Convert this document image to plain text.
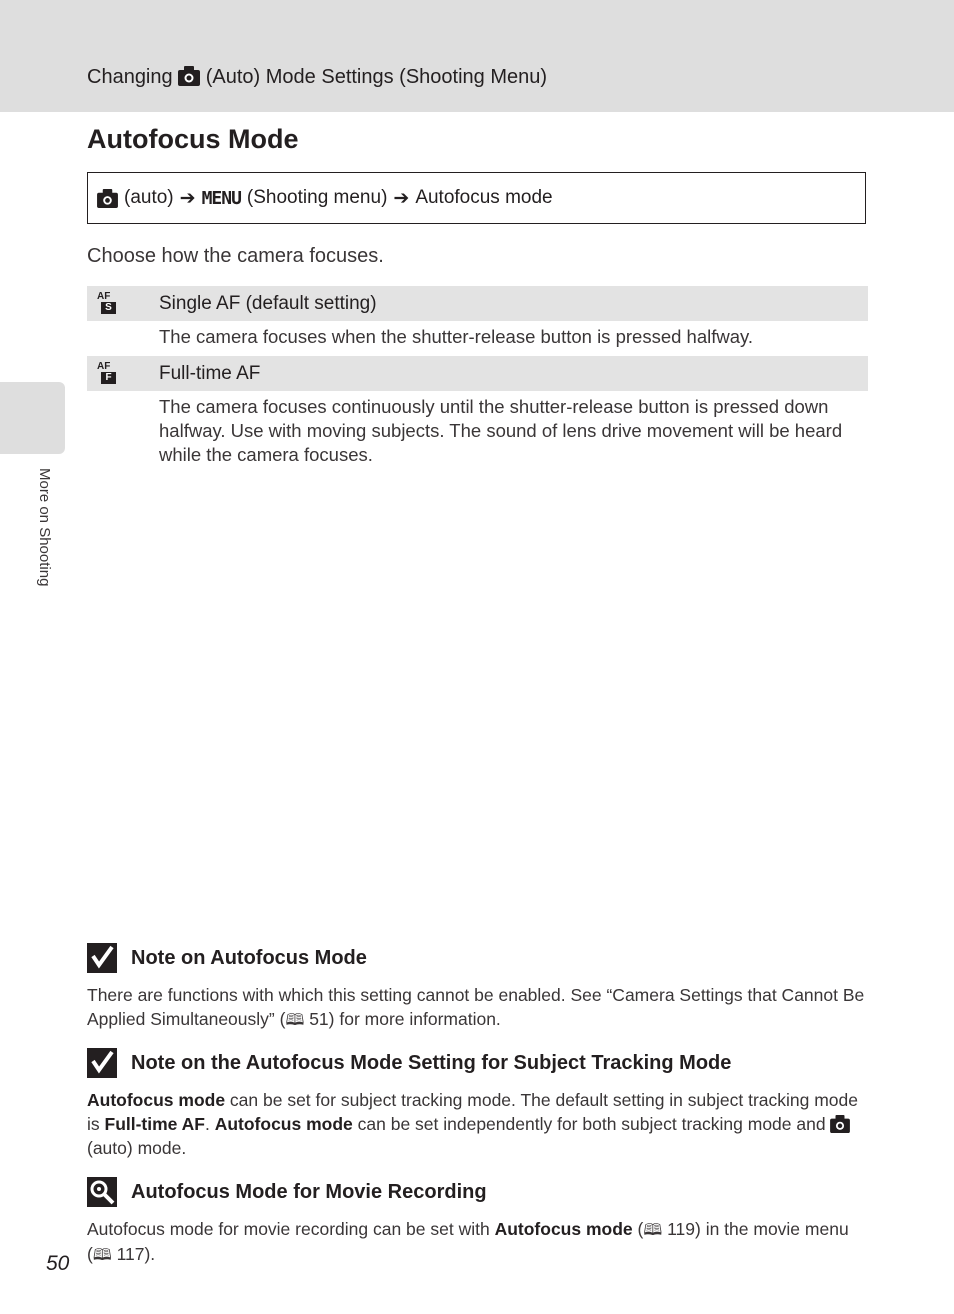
Changing (Auto) Mode Settings (Shooting Menu)
Autofocus Mode
(auto) ➔ MENU (Shooting menu) ➔ Autofocus mode
Choose how the camera focuses.
AF
S Single AF (default setting)

The camera focuses when the shutter-release button is pressed halfway.

AF
F Full-time AF

The camera focuses continuously until the shutter-release button is pressed down halfway. Use with moving subjects. The sound of lens drive movement will be heard while the camera focuses.

More on Shooting
Note on Autofocus Mode

There are functions with which this setting cannot be enabled. See “Camera Settings that Cannot Be Applied Simultaneously” (🕮 51) for more information.

Note on the Autofocus Mode Setting for Subject Tracking Mode

Autofocus mode can be set for subject tracking mode. The default setting in subject tracking mode is Full-time AF. Autofocus mode can be set independently for both subject tracking mode and
(auto) mode.

Autofocus Mode for Movie Recording

Autofocus mode for movie recording can be set with Autofocus mode (🕮 119) in the movie menu (🕮 117).

50
